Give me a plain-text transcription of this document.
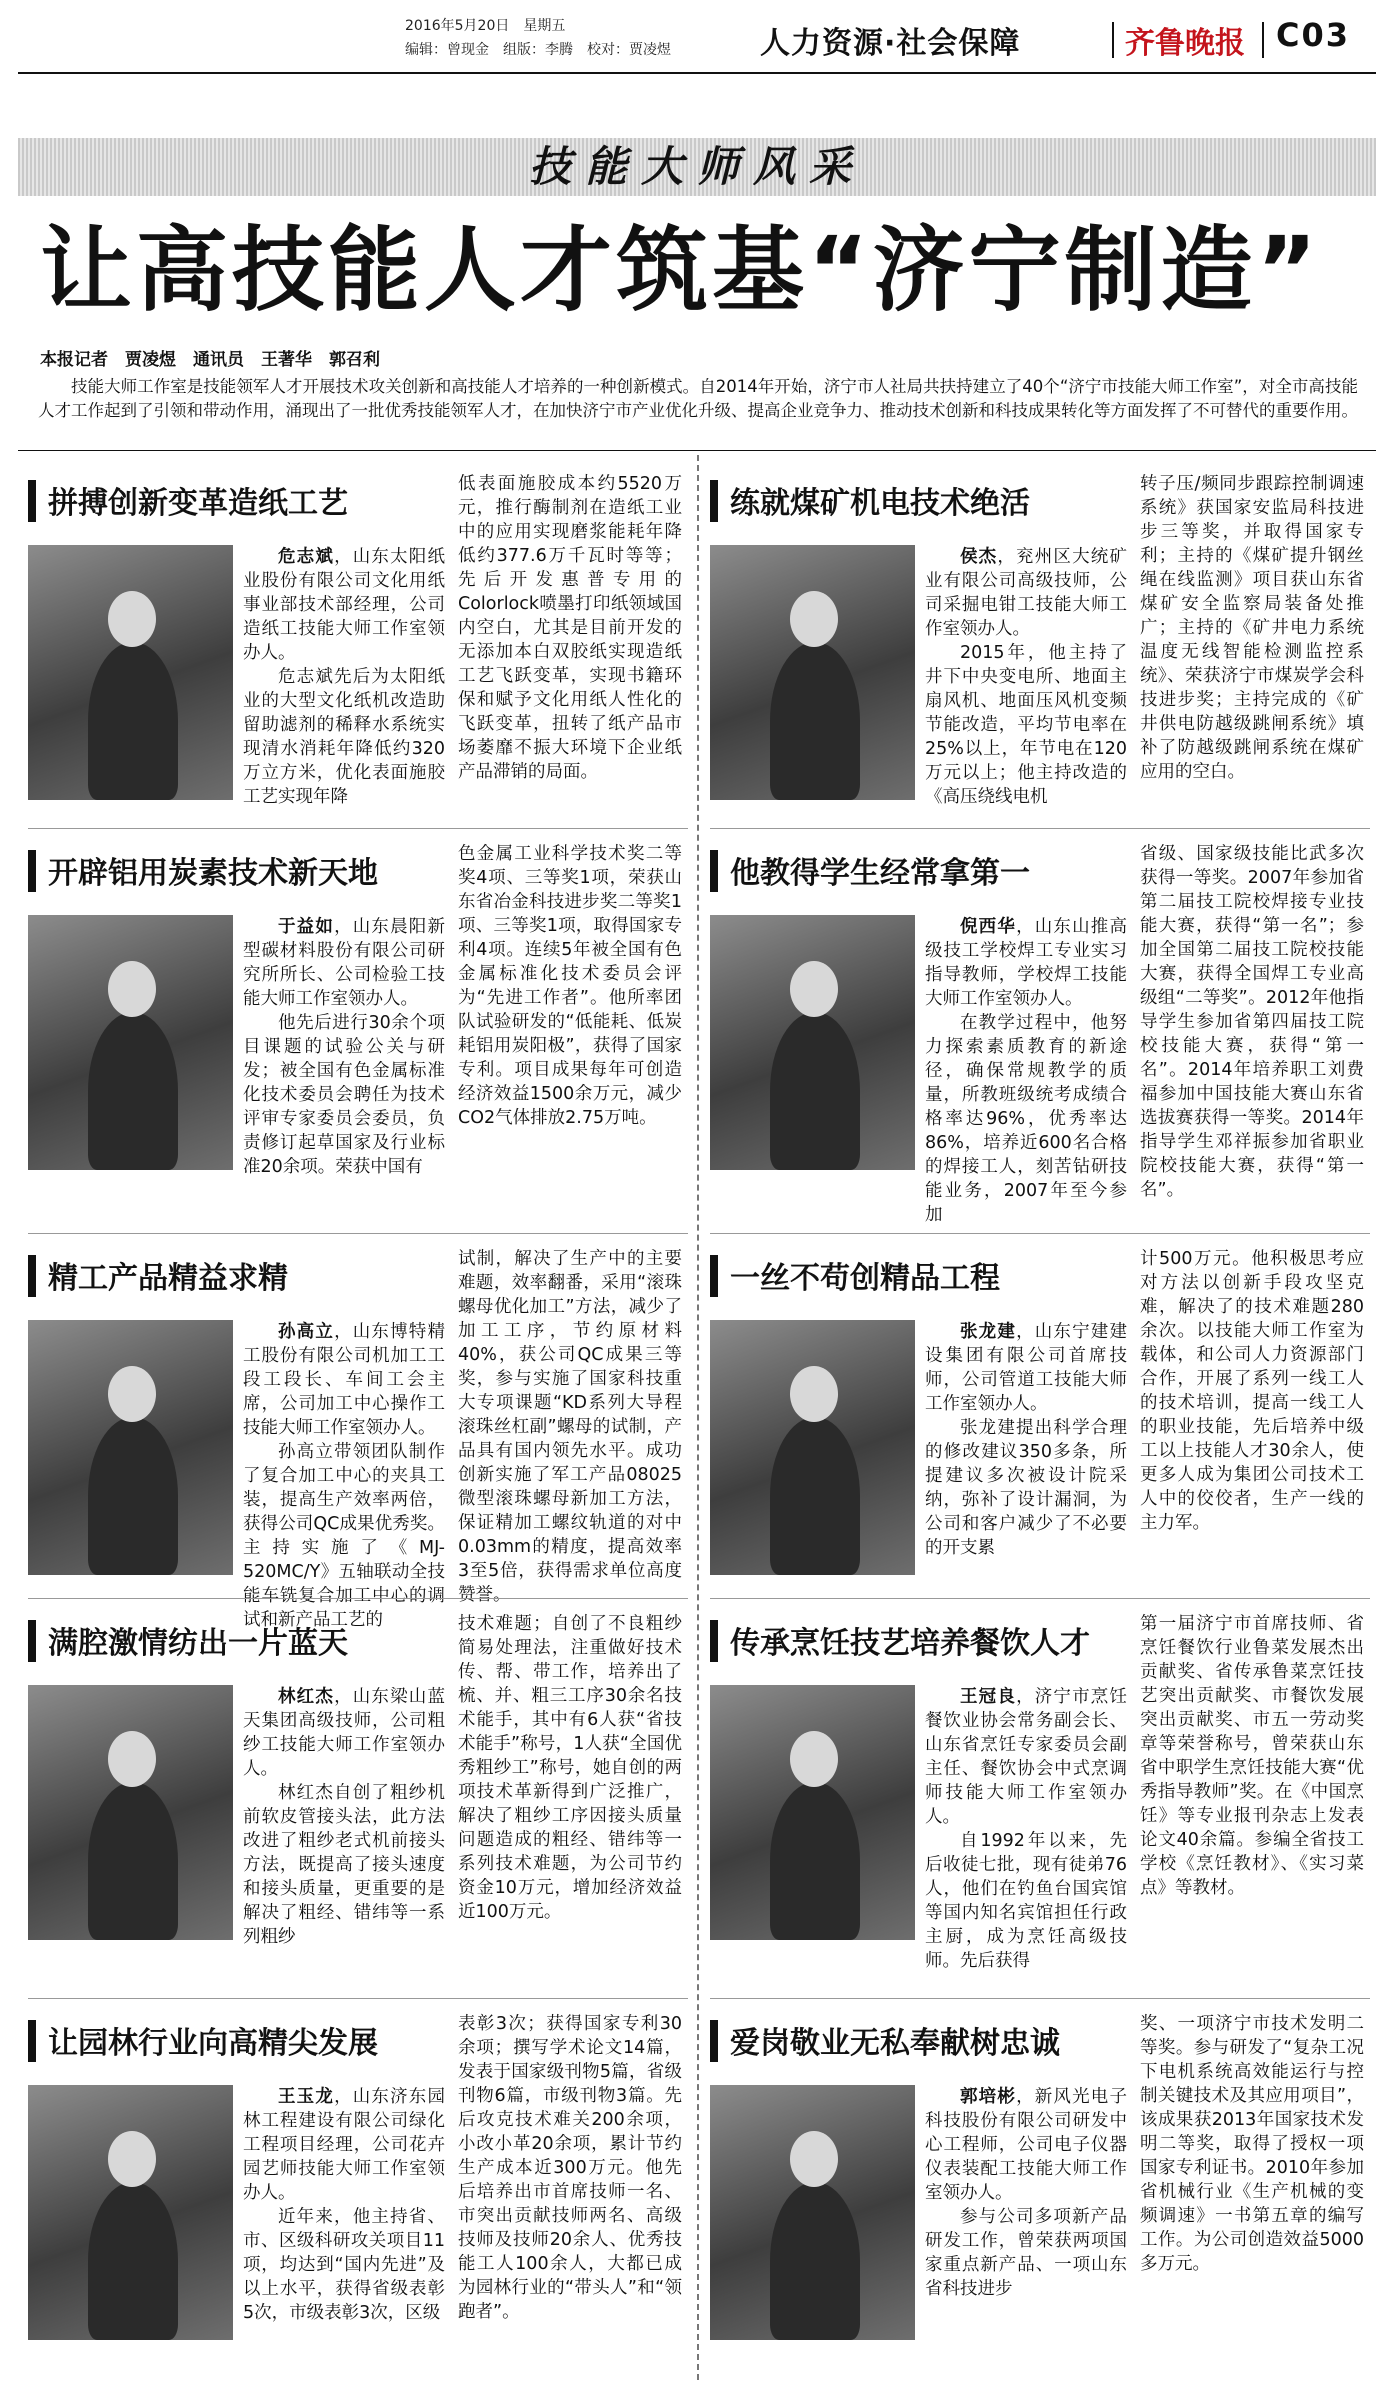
2016年5月20日　星期五
编辑：曾现金　组版：李腾　校对：贾凌煜	人力资源·社会保障	齐鲁晚报 C03
技能大师风采
让高技能人才筑基“济宁制造”
本报记者　贾凌煜　通讯员　王著华　郭召利
技能大师工作室是技能领军人才开展技术攻关创新和高技能人才培养的一种创新模式。自2014年开始，济宁市人社局共扶持建立了40个“济宁市技能大师工作室”，对全市高技能人才工作起到了引领和带动作用，涌现出了一批优秀技能领军人才，在加快济宁市产业优化升级、提高企业竞争力、推动技术创新和科技成果转化等方面发挥了不可替代的重要作用。
拼搏创新变革造纸工艺

危志斌，山东太阳纸业股份有限公司文化用纸事业部技术部经理，公司造纸工技能大师工作室领办人。

危志斌先后为太阳纸业的大型文化纸机改造助留助滤剂的稀释水系统实现清水消耗年降低约320万立方米，优化表面施胶工艺实现年降

低表面施胶成本约5520万元，推行酶制剂在造纸工业中的应用实现磨浆能耗年降低约377.6万千瓦时等等；先后开发惠普专用的Colorlock喷墨打印纸领域国内空白，尤其是目前开发的无添加本白双胶纸实现造纸工艺飞跃变革，实现书籍环保和赋予文化用纸人性化的飞跃变革，扭转了纸产品市场萎靡不振大环境下企业纸产品滞销的局面。
练就煤矿机电技术绝活

侯杰，兖州区大统矿业有限公司高级技师，公司采掘电钳工技能大师工作室领办人。

2015年，他主持了井下中央变电所、地面主扇风机、地面压风机变频节能改造，平均节电率在25%以上，年节电在120万元以上；他主持改造的《高压绕线电机

转子压/频同步跟踪控制调速系统》获国家安监局科技进步三等奖，并取得国家专利；主持的《煤矿提升钢丝绳在线监测》项目获山东省煤矿安全监察局装备处推广；主持的《矿井电力系统温度无线智能检测监控系统》、荣获济宁市煤炭学会科技进步奖；主持完成的《矿井供电防越级跳闸系统》填补了防越级跳闸系统在煤矿应用的空白。
开辟铝用炭素技术新天地

于益如，山东晨阳新型碳材料股份有限公司研究所所长、公司检验工技能大师工作室领办人。

他先后进行30余个项目课题的试验公关与研发；被全国有色金属标准化技术委员会聘任为技术评审专家委员会委员，负责修订起草国家及行业标准20余项。荣获中国有

色金属工业科学技术奖二等奖4项、三等奖1项，荣获山东省冶金科技进步奖二等奖1项、三等奖1项，取得国家专利4项。连续5年被全国有色金属标准化技术委员会评为“先进工作者”。他所率团队试验研发的“低能耗、低炭耗铝用炭阳极”，获得了国家专利。项目成果每年可创造经济效益1500余万元，减少CO2气体排放2.75万吨。
他教得学生经常拿第一

倪西华，山东山推高级技工学校焊工专业实习指导教师，学校焊工技能大师工作室领办人。

在教学过程中，他努力探索素质教育的新途径，确保常规教学的质量，所教班级统考成绩合格率达96%，优秀率达86%，培养近600名合格的焊接工人，刻苦钻研技能业务，2007年至今参加

省级、国家级技能比武多次获得一等奖。2007年参加省第二届技工院校焊接专业技能大赛，获得“第一名”；参加全国第二届技工院校技能大赛，获得全国焊工专业高级组“二等奖”。2012年他指导学生参加省第四届技工院校技能大赛，获得“第一名”。2014年培养职工刘费福参加中国技能大赛山东省选拔赛获得一等奖。2014年指导学生邓祥振参加省职业院校技能大赛，获得“第一名”。
精工产品精益求精

孙高立，山东博特精工股份有限公司机加工工段工段长、车间工会主席，公司加工中心操作工技能大师工作室领办人。

孙高立带领团队制作了复合加工中心的夹具工装，提高生产效率两倍，获得公司QC成果优秀奖。主持实施了《MJ-520MC/Y》五轴联动全技能车铣复合加工中心的调试和新产品工艺的

试制，解决了生产中的主要难题，效率翻番，采用“滚珠螺母优化加工”方法，减少了加工工序，节约原材料40%，获公司QC成果三等奖，参与实施了国家科技重大专项课题“KD系列大导程滚珠丝杠副”螺母的试制，产品具有国内领先水平。成功创新实施了军工产品08025微型滚珠螺母新加工方法，保证精加工螺纹轨道的对中0.03mm的精度，提高效率3至5倍，获得需求单位高度赞誉。
一丝不苟创精品工程

张龙建，山东宁建建设集团有限公司首席技师，公司管道工技能大师工作室领办人。

张龙建提出科学合理的修改建议350多条，所提建议多次被设计院采纳，弥补了设计漏洞，为公司和客户减少了不必要的开支累

计500万元。他积极思考应对方法以创新手段攻坚克难，解决了的技术难题280余次。以技能大师工作室为载体，和公司人力资源部门合作，开展了系列一线工人的技术培训，提高一线工人的职业技能，先后培养中级工以上技能人才30余人，使更多人成为集团公司技术工人中的佼佼者，生产一线的主力军。
满腔激情纺出一片蓝天

林红杰，山东梁山蓝天集团高级技师，公司粗纱工技能大师工作室领办人。

林红杰自创了粗纱机前软皮管接头法，此方法改进了粗纱老式机前接头方法，既提高了接头速度和接头质量，更重要的是解决了粗经、错纬等一系列粗纱

技术难题；自创了不良粗纱简易处理法，注重做好技术传、帮、带工作，培养出了梳、并、粗三工序30余名技术能手，其中有6人获“省技术能手”称号，1人获“全国优秀粗纱工”称号，她自创的两项技术革新得到广泛推广，解决了粗纱工序因接头质量问题造成的粗经、错纬等一系列技术难题，为公司节约资金10万元，增加经济效益近100万元。
传承烹饪技艺培养餐饮人才

王冠良，济宁市烹饪餐饮业协会常务副会长、山东省烹饪专家委员会副主任、餐饮协会中式烹调师技能大师工作室领办人。

自1992年以来，先后收徒七批，现有徒弟76人，他们在钓鱼台国宾馆等国内知名宾馆担任行政主厨，成为烹饪高级技师。先后获得

第一届济宁市首席技师、省烹饪餐饮行业鲁菜发展杰出贡献奖、省传承鲁菜烹饪技艺突出贡献奖、市餐饮发展突出贡献奖、市五一劳动奖章等荣誉称号，曾荣获山东省中职学生烹饪技能大赛“优秀指导教师”奖。在《中国烹饪》等专业报刊杂志上发表论文40余篇。参编全省技工学校《烹饪教材》、《实习菜点》等教材。
让园林行业向高精尖发展

王玉龙，山东济东园林工程建设有限公司绿化工程项目经理，公司花卉园艺师技能大师工作室领办人。

近年来，他主持省、市、区级科研攻关项目11项，均达到“国内先进”及以上水平，获得省级表彰5次，市级表彰3次，区级

表彰3次；获得国家专利30余项；撰写学术论文14篇，发表于国家级刊物5篇，省级刊物6篇，市级刊物3篇。先后攻克技术难关200余项，小改小革20余项，累计节约生产成本近300万元。他先后培养出市首席技师一名、市突出贡献技师两名、高级技师及技师20余人、优秀技能工人100余人，大都已成为园林行业的“带头人”和“领跑者”。
爱岗敬业无私奉献树忠诚

郭培彬，新风光电子科技股份有限公司研发中心工程师，公司电子仪器仪表装配工技能大师工作室领办人。

参与公司多项新产品研发工作，曾荣获两项国家重点新产品、一项山东省科技进步

奖、一项济宁市技术发明二等奖。参与研发了“复杂工况下电机系统高效能运行与控制关键技术及其应用项目”，该成果获2013年国家技术发明二等奖，取得了授权一项国家专利证书。2010年参加省机械行业《生产机械的变频调速》一书第五章的编写工作。为公司创造效益5000多万元。
